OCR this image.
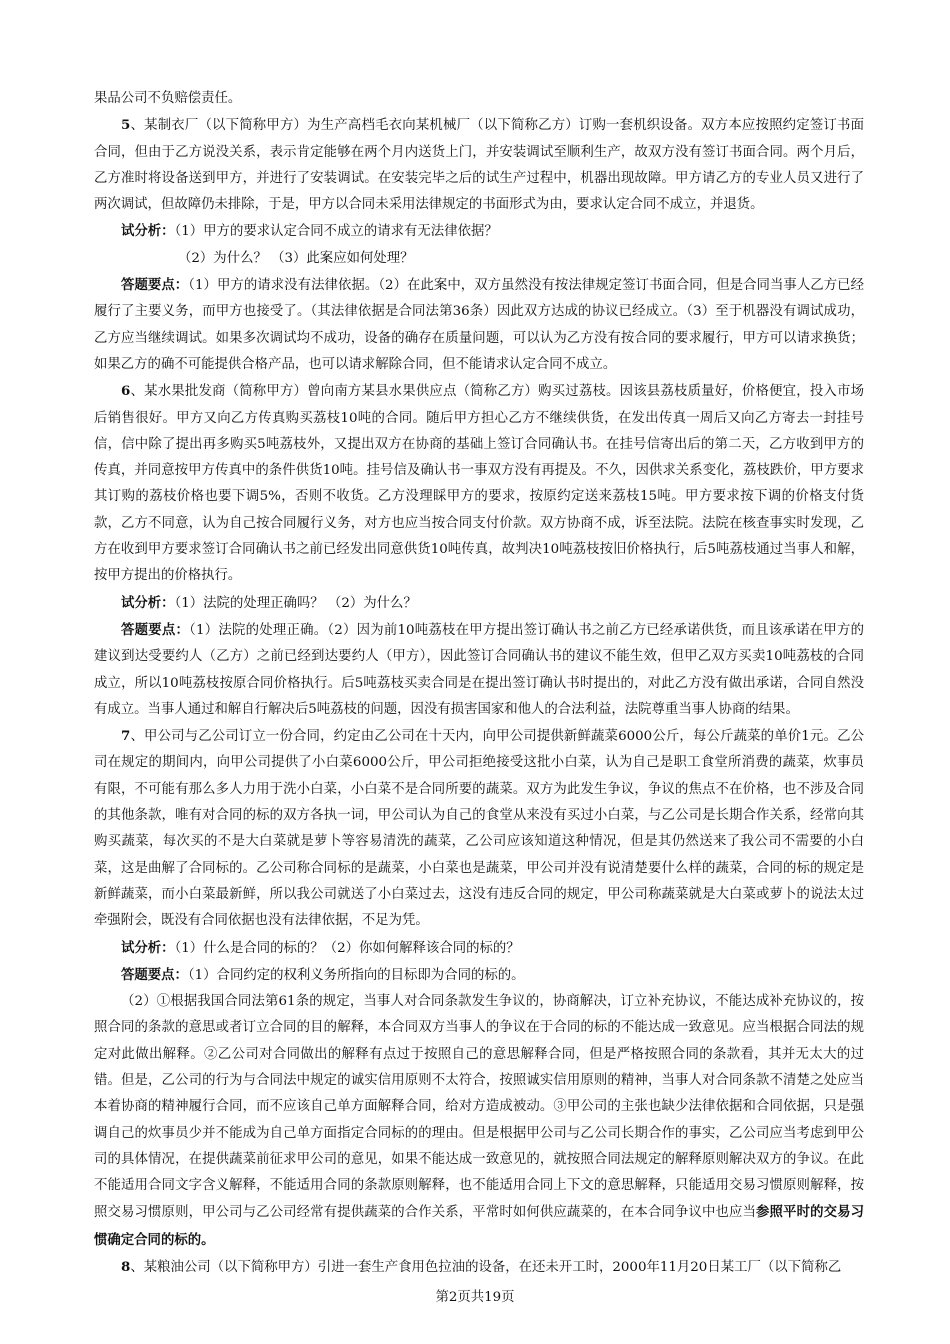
果品公司不负赔偿责任。

5、某制衣厂（以下简称甲方）为生产高档毛衣向某机械厂（以下简称乙方）订购一套机织设备。双方本应按照约定签订书面合同，但由于乙方说没关系，表示肯定能够在两个月内送货上门，并安装调试至顺利生产，故双方没有签订书面合同。两个月后，乙方准时将设备送到甲方，并进行了安装调试。在安装完毕之后的试生产过程中，机器出现故障。甲方请乙方的专业人员又进行了两次调试，但故障仍未排除，于是，甲方以合同未采用法律规定的书面形式为由，要求认定合同不成立，并退货。

试分析：（1）甲方的要求认定合同不成立的请求有无法律依据？

（2）为什么？ （3）此案应如何处理？

答题要点：（1）甲方的请求没有法律依据。（2）在此案中，双方虽然没有按法律规定签订书面合同，但是合同当事人乙方已经履行了主要义务，而甲方也接受了。（其法律依据是合同法第36条）因此双方达成的协议已经成立。（3）至于机器没有调试成功，乙方应当继续调试。如果多次调试均不成功，设备的确存在质量问题，可以认为乙方没有按合同的要求履行，甲方可以请求换货；如果乙方的确不可能提供合格产品，也可以请求解除合同，但不能请求认定合同不成立。

6、某水果批发商（简称甲方）曾向南方某县水果供应点（简称乙方）购买过荔枝。因该县荔枝质量好，价格便宜，投入市场后销售很好。甲方又向乙方传真购买荔枝10吨的合同。随后甲方担心乙方不继续供货，在发出传真一周后又向乙方寄去一封挂号信，信中除了提出再多购买5吨荔枝外，又提出双方在协商的基础上签订合同确认书。在挂号信寄出后的第二天，乙方收到甲方的传真，并同意按甲方传真中的条件供货10吨。挂号信及确认书一事双方没有再提及。不久，因供求关系变化，荔枝跌价，甲方要求其订购的荔枝价格也要下调5%，否则不收货。乙方没理睬甲方的要求，按原约定送来荔枝15吨。甲方要求按下调的价格支付货款，乙方不同意，认为自己按合同履行义务，对方也应当按合同支付价款。双方协商不成，诉至法院。法院在核查事实时发现，乙方在收到甲方要求签订合同确认书之前已经发出同意供货10吨传真，故判决10吨荔枝按旧价格执行，后5吨荔枝通过当事人和解，按甲方提出的价格执行。

试分析：（1）法院的处理正确吗？ （2）为什么？

答题要点：（1）法院的处理正确。（2）因为前10吨荔枝在甲方提出签订确认书之前乙方已经承诺供货，而且该承诺在甲方的建议到达受要约人（乙方）之前已经到达要约人（甲方），因此签订合同确认书的建议不能生效，但甲乙双方买卖10吨荔枝的合同成立，所以10吨荔枝按原合同价格执行。后5吨荔枝买卖合同是在提出签订确认书时提出的，对此乙方没有做出承诺，合同自然没有成立。当事人通过和解自行解决后5吨荔枝的问题，因没有损害国家和他人的合法利益，法院尊重当事人协商的结果。

7、甲公司与乙公司订立一份合同，约定由乙公司在十天内，向甲公司提供新鲜蔬菜6000公斤，每公斤蔬菜的单价1元。乙公司在规定的期间内，向甲公司提供了小白菜6000公斤，甲公司拒绝接受这批小白菜，认为自己是职工食堂所消费的蔬菜，炊事员有限，不可能有那么多人力用于洗小白菜，小白菜不是合同所要的蔬菜。双方为此发生争议，争议的焦点不在价格，也不涉及合同的其他条款，唯有对合同的标的双方各执一词，甲公司认为自己的食堂从来没有买过小白菜，与乙公司是长期合作关系，经常向其购买蔬菜，每次买的不是大白菜就是萝卜等容易清洗的蔬菜，乙公司应该知道这种情况，但是其仍然送来了我公司不需要的小白菜，这是曲解了合同标的。乙公司称合同标的是蔬菜，小白菜也是蔬菜，甲公司并没有说清楚要什么样的蔬菜，合同的标的规定是新鲜蔬菜，而小白菜最新鲜，所以我公司就送了小白菜过去，这没有违反合同的规定，甲公司称蔬菜就是大白菜或萝卜的说法太过牵强附会，既没有合同依据也没有法律依据，不足为凭。

试分析：（1）什么是合同的标的？（2）你如何解释该合同的标的？

答题要点：（1）合同约定的权利义务所指向的目标即为合同的标的。

（2）①根据我国合同法第61条的规定，当事人对合同条款发生争议的，协商解决，订立补充协议，不能达成补充协议的，按照合同的条款的意思或者订立合同的目的解释，本合同双方当事人的争议在于合同的标的不能达成一致意见。应当根据合同法的规定对此做出解释。②乙公司对合同做出的解释有点过于按照自己的意思解释合同，但是严格按照合同的条款看，其并无太大的过错。但是，乙公司的行为与合同法中规定的诚实信用原则不太符合，按照诚实信用原则的精神，当事人对合同条款不清楚之处应当本着协商的精神履行合同，而不应该自己单方面解释合同，给对方造成被动。③甲公司的主张也缺少法律依据和合同依据，只是强调自己的炊事员少并不能成为自己单方面指定合同标的的理由。但是根据甲公司与乙公司长期合作的事实，乙公司应当考虑到甲公司的具体情况，在提供蔬菜前征求甲公司的意见，如果不能达成一致意见的，就按照合同法规定的解释原则解决双方的争议。在此不能适用合同文字含义解释，不能适用合同的条款原则解释，也不能适用合同上下文的意思解释，只能适用交易习惯原则解释，按照交易习惯原则，甲公司与乙公司经常有提供蔬菜的合作关系，平常时如何供应蔬菜的，在本合同争议中也应当参照平时的交易习惯确定合同的标的。

8、某粮油公司（以下简称甲方）引进一套生产食用色拉油的设备，在还未开工时，2000年11月20日某工厂（以下简称乙

第2页共19页
